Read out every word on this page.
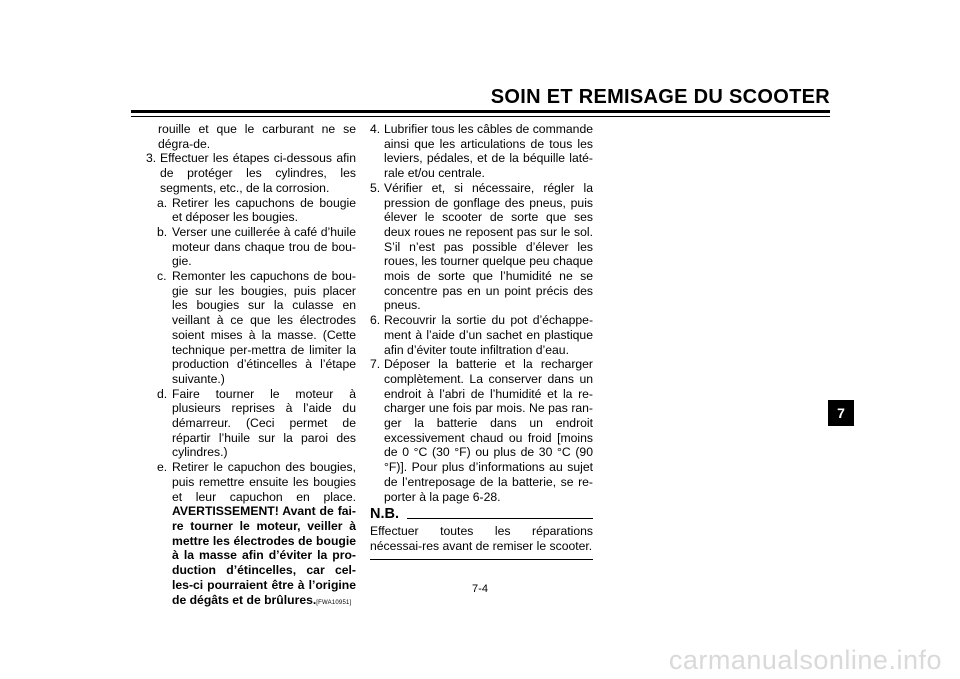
SOIN ET REMISAGE DU SCOOTER
rouille et que le carburant ne se dégra-de.
3. Effectuer les étapes ci-dessous afin de protéger les cylindres, les segments, etc., de la corrosion.
a. Retirer les capuchons de bougie et déposer les bougies.
b. Verser une cuillerée à café d’huile moteur dans chaque trou de bou-gie.
c. Remonter les capuchons de bou-gie sur les bougies, puis placer les bougies sur la culasse en veillant à ce que les électrodes soient mises à la masse. (Cette technique per-mettra de limiter la production d’étincelles à l’étape suivante.)
d. Faire tourner le moteur à plusieurs reprises à l’aide du démarreur. (Ceci permet de répartir l’huile sur la paroi des cylindres.)
e. Retirer le capuchon des bougies, puis remettre ensuite les bougies et leur capuchon en place. AVERTISSEMENT! Avant de fai-re tourner le moteur, veiller à mettre les électrodes de bougie à la masse afin d’éviter la pro-duction d’étincelles, car cel-les-ci pourraient être à l’origine de dégâts et de brûlures.[FWA10951]
4. Lubrifier tous les câbles de commande ainsi que les articulations de tous les leviers, pédales, et de la béquille laté-rale et/ou centrale.
5. Vérifier et, si nécessaire, régler la pression de gonflage des pneus, puis élever le scooter de sorte que ses deux roues ne reposent pas sur le sol. S’il n’est pas possible d’élever les roues, les tourner quelque peu chaque mois de sorte que l’humidité ne se concentre pas en un point précis des pneus.
6. Recouvrir la sortie du pot d’échappe-ment à l’aide d’un sachet en plastique afin d’éviter toute infiltration d’eau.
7. Déposer la batterie et la recharger complètement. La conserver dans un endroit à l’abri de l’humidité et la re-charger une fois par mois. Ne pas ran-ger la batterie dans un endroit excessivement chaud ou froid [moins de 0 °C (30 °F) ou plus de 30 °C (90 °F)]. Pour plus d’informations au sujet de l’entreposage de la batterie, se re-porter à la page 6-28.
N.B.
Effectuer toutes les réparations nécessai-res avant de remiser le scooter.
7-4
7
carmanualsonline.info
